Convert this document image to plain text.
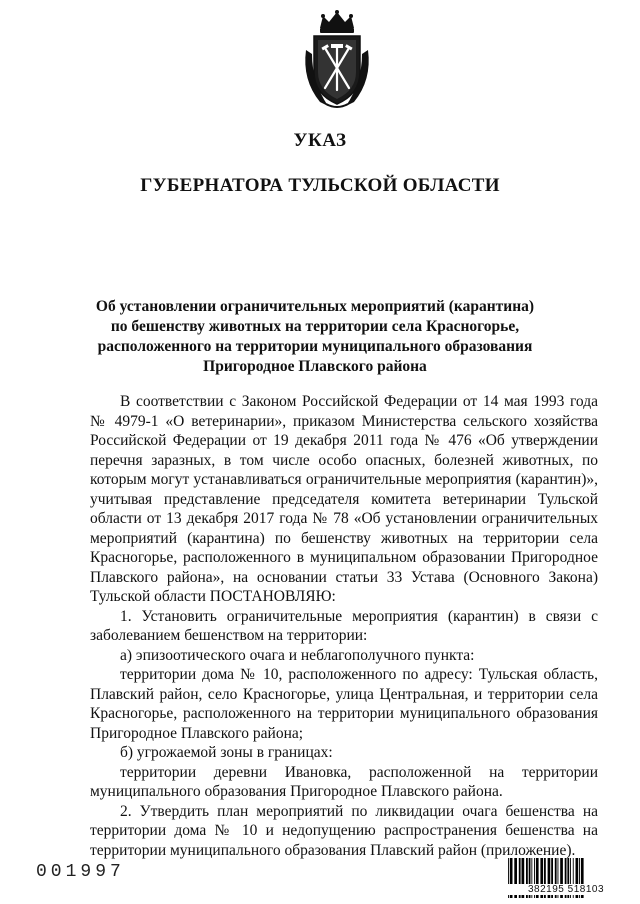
УКАЗ
ГУБЕРНАТОРА ТУЛЬСКОЙ ОБЛАСТИ
Об установлении ограничительных мероприятий (карантина)
по бешенству животных на территории села Красногорье,
расположенного на территории муниципального образования
Пригородное Плавского района
В соответствии с Законом Российской Федерации от 14 мая 1993 года № 4979-1 «О ветеринарии», приказом Министерства сельского хозяйства Российской Федерации от 19 декабря 2011 года № 476 «Об утверждении перечня заразных, в том числе особо опасных, болезней животных, по которым могут устанавливаться ограничительные мероприятия (карантин)», учитывая представление председателя комитета ветеринарии Тульской области от 13 декабря 2017 года № 78 «Об установлении ограничительных мероприятий (карантина) по бешенству животных на территории села Красногорье, расположенного в муниципальном образовании Пригородное Плавского района», на основании статьи 33 Устава (Основного Закона) Тульской области ПОСТАНОВЛЯЮ:
1. Установить ограничительные мероприятия (карантин) в связи с заболеванием бешенством на территории:
а) эпизоотического очага и неблагополучного пункта:
территории дома № 10, расположенного по адресу: Тульская область, Плавский район, село Красногорье, улица Центральная, и территории села Красногорье, расположенного на территории муниципального образования Пригородное Плавского района;
б) угрожаемой зоны в границах:
территории деревни Ивановка, расположенной на территории муниципального образования Пригородное Плавского района.
2. Утвердить план мероприятий по ликвидации очага бешенства на территории дома № 10 и недопущению распространения бешенства на территории муниципального образования Плавский район (приложение).
001997
382195 518103
